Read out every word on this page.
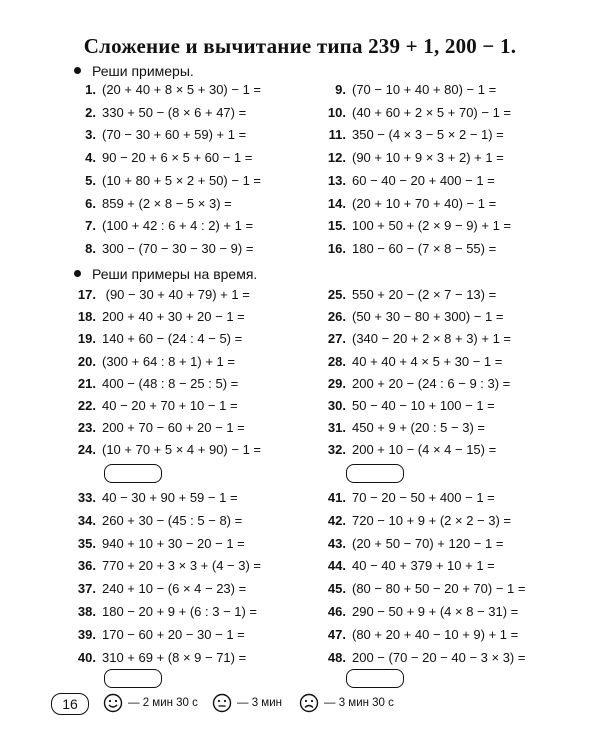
Сложение и вычитание типа 239 + 1, 200 − 1.
Реши примеры.
1. (20 + 40 + 8 × 5 + 30) − 1 =
2. 330 + 50 − (8 × 6 + 47) =
3. (70 − 30 + 60 + 59) + 1 =
4. 90 − 20 + 6 × 5 + 60 − 1 =
5. (10 + 80 + 5 × 2 + 50) − 1 =
6. 859 + (2 × 8 − 5 × 3) =
7. (100 + 42 : 6 + 4 : 2) + 1 =
8. 300 − (70 − 30 − 30 − 9) =
9. (70 − 10 + 40 + 80) − 1 =
10. (40 + 60 + 2 × 5 + 70) − 1 =
11. 350 − (4 × 3 − 5 × 2 − 1) =
12. (90 + 10 + 9 × 3 + 2) + 1 =
13. 60 − 40 − 20 + 400 − 1 =
14. (20 + 10 + 70 + 40) − 1 =
15. 100 + 50 + (2 × 9 − 9) + 1 =
16. 180 − 60 − (7 × 8 − 55) =
Реши примеры на время.
17. (90 − 30 + 40 + 79) + 1 =
18. 200 + 40 + 30 + 20 − 1 =
19. 140 + 60 − (24 : 4 − 5) =
20. (300 + 64 : 8 + 1) + 1 =
21. 400 − (48 : 8 − 25 : 5) =
22. 40 − 20 + 70 + 10 − 1 =
23. 200 + 70 − 60 + 20 − 1 =
24. (10 + 70 + 5 × 4 + 90) − 1 =
25. 550 + 20 − (2 × 7 − 13) =
26. (50 + 30 − 80 + 300) − 1 =
27. (340 − 20 + 2 × 8 + 3) + 1 =
28. 40 + 40 + 4 × 5 + 30 − 1 =
29. 200 + 20 − (24 : 6 − 9 : 3) =
30. 50 − 40 − 10 + 100 − 1 =
31. 450 + 9 + (20 : 5 − 3) =
32. 200 + 10 − (4 × 4 − 15) =
33. 40 − 30 + 90 + 59 − 1 =
34. 260 + 30 − (45 : 5 − 8) =
35. 940 + 10 + 30 − 20 − 1 =
36. 770 + 20 + 3 × 3 + (4 − 3) =
37. 240 + 10 − (6 × 4 − 23) =
38. 180 − 20 + 9 + (6 : 3 − 1) =
39. 170 − 60 + 20 − 30 − 1 =
40. 310 + 69 + (8 × 9 − 71) =
41. 70 − 20 − 50 + 400 − 1 =
42. 720 − 10 + 9 + (2 × 2 − 3) =
43. (20 + 50 − 70) + 120 − 1 =
44. 40 − 40 + 379 + 10 + 1 =
45. (80 − 80 + 50 − 20 + 70) − 1 =
46. 290 − 50 + 9 + (4 × 8 − 31) =
47. (80 + 20 + 40 − 10 + 9) + 1 =
48. 200 − (70 − 20 − 40 − 3 × 3) =
16	— 2 мин 30 с	— 3 мин	— 3 мин 30 с
